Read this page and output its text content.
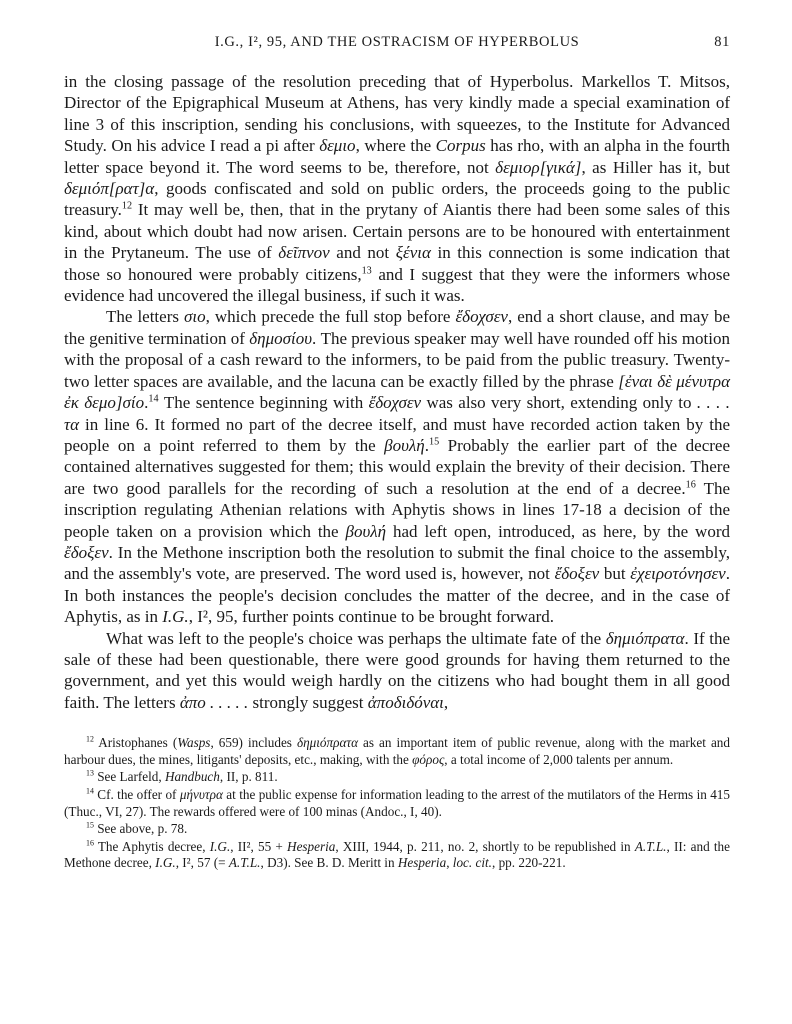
I.G., I², 95, AND THE OSTRACISM OF HYPERBOLUS	81

in the closing passage of the resolution preceding that of Hyperbolus. Markellos T. Mitsos, Director of the Epigraphical Museum at Athens, has very kindly made a special examination of line 3 of this inscription, sending his conclusions, with squeezes, to the Institute for Advanced Study. On his advice I read a pi after δεμιο, where the Corpus has rho, with an alpha in the fourth letter space beyond it. The word seems to be, therefore, not δεμιορ[γικά], as Hiller has it, but δεμιόπ[ρατ]α, goods confiscated and sold on public orders, the proceeds going to the public treasury.$^{12}$ It may well be, then, that in the prytany of Aiantis there had been some sales of this kind, about which doubt had now arisen. Certain persons are to be honoured with entertainment in the Prytaneum. The use of δεῖπνον and not ξένια in this connection is some indication that those so honoured were probably citizens,$^{13}$ and I suggest that they were the informers whose evidence had uncovered the illegal business, if such it was.

The letters σιο, which precede the full stop before ἔδοχσεν, end a short clause, and may be the genitive termination of δημοσίου. The previous speaker may well have rounded off his motion with the proposal of a cash reward to the informers, to be paid from the public treasury. Twenty-two letter spaces are available, and the lacuna can be exactly filled by the phrase [ἐναι δὲ μένυτρα ἐκ δεμο]σίο.$^{14}$ The sentence beginning with ἔδοχσεν was also very short, extending only to . . . . τα in line 6. It formed no part of the decree itself, and must have recorded action taken by the people on a point referred to them by the βουλή.$^{15}$ Probably the earlier part of the decree contained alternatives suggested for them; this would explain the brevity of their decision. There are two good parallels for the recording of such a resolution at the end of a decree.$^{16}$ The inscription regulating Athenian relations with Aphytis shows in lines 17-18 a decision of the people taken on a provision which the βουλή had left open, introduced, as here, by the word ἔδοξεν. In the Methone inscription both the resolution to submit the final choice to the assembly, and the assembly's vote, are preserved. The word used is, however, not ἔδοξεν but ἐχειροτόνησεν. In both instances the people's decision concludes the matter of the decree, and in the case of Aphytis, as in I.G., I², 95, further points continue to be brought forward.

What was left to the people's choice was perhaps the ultimate fate of the δημιόπρατα. If the sale of these had been questionable, there were good grounds for having them returned to the government, and yet this would weigh hardly on the citizens who had bought them in all good faith. The letters ἀπο . . . . . strongly suggest ἀποδιδόναι,

$^{12}$ Aristophanes (Wasps, 659) includes δημιόπρατα as an important item of public revenue, along with the market and harbour dues, the mines, litigants' deposits, etc., making, with the φόρος, a total income of 2,000 talents per annum.

$^{13}$ See Larfeld, Handbuch, II, p. 811.

$^{14}$ Cf. the offer of μήνυτρα at the public expense for information leading to the arrest of the mutilators of the Herms in 415 (Thuc., VI, 27). The rewards offered were of 100 minas (Andoc., I, 40).

$^{15}$ See above, p. 78.

$^{16}$ The Aphytis decree, I.G., II², 55 + Hesperia, XIII, 1944, p. 211, no. 2, shortly to be republished in A.T.L., II: and the Methone decree, I.G., I², 57 (= A.T.L., D3). See B. D. Meritt in Hesperia, loc. cit., pp. 220-221.
